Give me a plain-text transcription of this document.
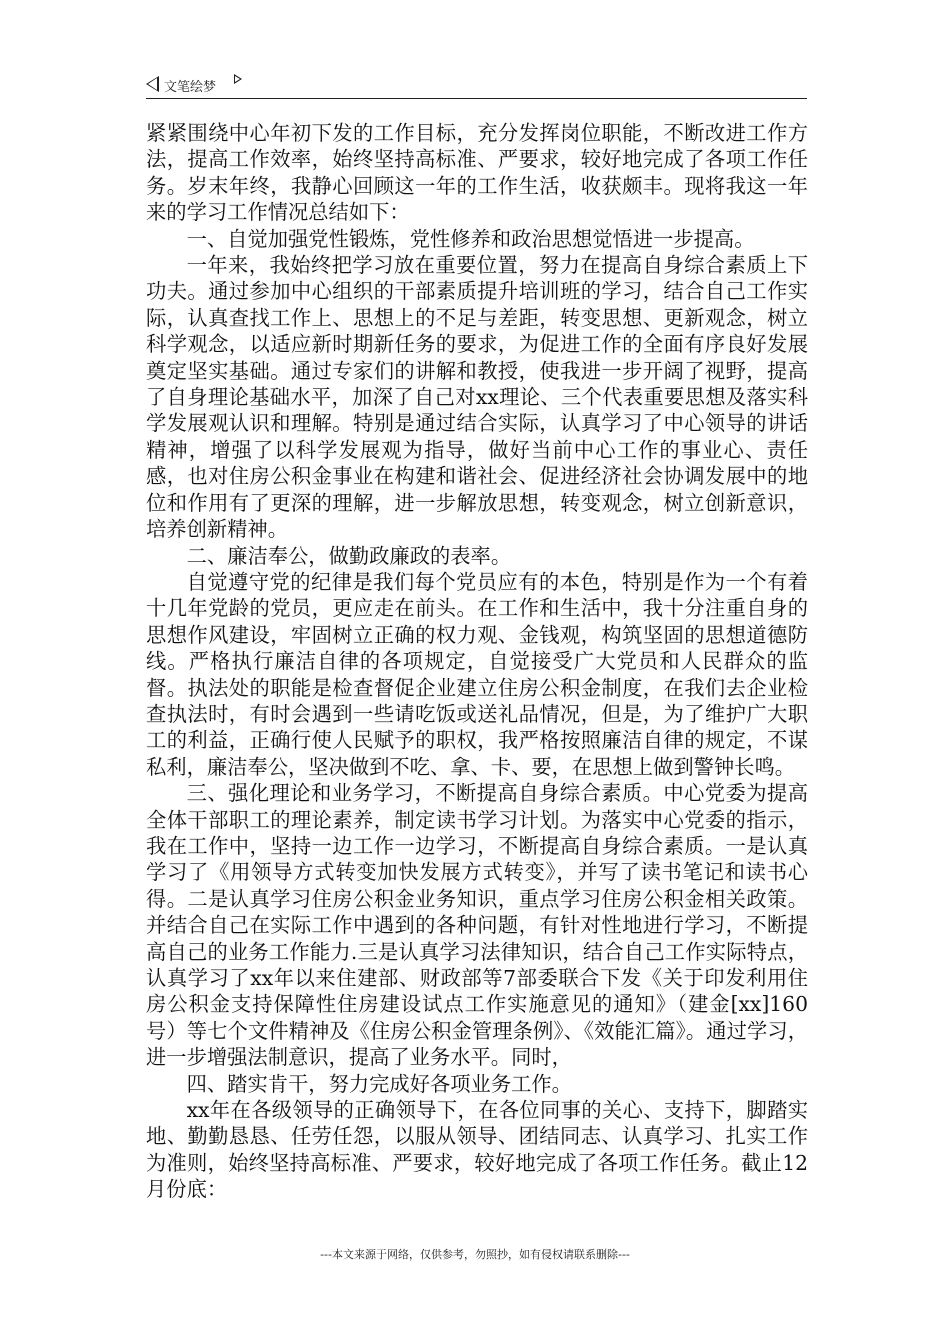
文笔绘梦

紧紧围绕中心年初下发的工作目标，充分发挥岗位职能，不断改进工作方法，提高工作效率，始终坚持高标准、严要求，较好地完成了各项工作任务。岁末年终，我静心回顾这一年的工作生活，收获颇丰。现将我这一年来的学习工作情况总结如下：

一、自觉加强党性锻炼，党性修养和政治思想觉悟进一步提高。

一年来，我始终把学习放在重要位置，努力在提高自身综合素质上下功夫。通过参加中心组织的干部素质提升培训班的学习，结合自己工作实际，认真查找工作上、思想上的不足与差距，转变思想、更新观念，树立科学观念，以适应新时期新任务的要求，为促进工作的全面有序良好发展奠定坚实基础。通过专家们的讲解和教授，使我进一步开阔了视野，提高了自身理论基础水平，加深了自己对xx理论、三个代表重要思想及落实科学发展观认识和理解。特别是通过结合实际，认真学习了中心领导的讲话精神，增强了以科学发展观为指导，做好当前中心工作的事业心、责任感，也对住房公积金事业在构建和谐社会、促进经济社会协调发展中的地位和作用有了更深的理解，进一步解放思想，转变观念，树立创新意识，培养创新精神。

二、廉洁奉公，做勤政廉政的表率。

自觉遵守党的纪律是我们每个党员应有的本色，特别是作为一个有着十几年党龄的党员，更应走在前头。在工作和生活中，我十分注重自身的思想作风建设，牢固树立正确的权力观、金钱观，构筑坚固的思想道德防线。严格执行廉洁自律的各项规定，自觉接受广大党员和人民群众的监督。执法处的职能是检查督促企业建立住房公积金制度，在我们去企业检查执法时，有时会遇到一些请吃饭或送礼品情况，但是，为了维护广大职工的利益，正确行使人民赋予的职权，我严格按照廉洁自律的规定，不谋私利，廉洁奉公，坚决做到不吃、拿、卡、要，在思想上做到警钟长鸣。

三、强化理论和业务学习，不断提高自身综合素质。中心党委为提高全体干部职工的理论素养，制定读书学习计划。为落实中心党委的指示，我在工作中，坚持一边工作一边学习，不断提高自身综合素质。一是认真学习了《用领导方式转变加快发展方式转变》，并写了读书笔记和读书心得。二是认真学习住房公积金业务知识，重点学习住房公积金相关政策。并结合自己在实际工作中遇到的各种问题，有针对性地进行学习，不断提高自己的业务工作能力.三是认真学习法律知识，结合自己工作实际特点，认真学习了xx年以来住建部、财政部等7部委联合下发《关于印发利用住房公积金支持保障性住房建设试点工作实施意见的通知》（建金[xx]160号）等七个文件精神及《住房公积金管理条例》、《效能汇篇》。通过学习，进一步增强法制意识，提高了业务水平。同时，

四、踏实肯干，努力完成好各项业务工作。

xx年在各级领导的正确领导下，在各位同事的关心、支持下，脚踏实地、勤勤恳恳、任劳任怨，以服从领导、团结同志、认真学习、扎实工作为准则，始终坚持高标准、严要求，较好地完成了各项工作任务。截止12月份底：

---本文来源于网络，仅供参考，勿照抄，如有侵权请联系删除---
